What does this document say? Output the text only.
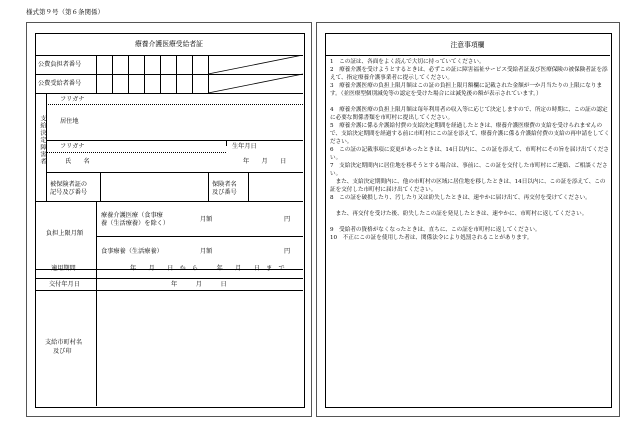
様式第９号（第６条関係）
療養介護医療受給者証
公費負担者番号
公費受給者番号
支給決定障害者
フリガナ
居住地
フリガナ	生年月日
氏　　名	年　　月　　日
被保険者証の
記号及び番号
保険者名
及び番号
負担上限月額
療養介護医療（食事療
養（生活療養）を除く）
月額	円
食事療養（生活療養）	月額	円
適用期間	年　　月　　日　か　ら　　　年　　月　　日　ま　で
交付年月日	年　　　月　　　日
支給市町村名
及び印
注意事項欄
1　この証は、各面をよく読んで大切に持っていてください。
2　療養介護を受けようとするときは、必ずこの証に障害福祉サービス受給者証及び医療保険の被保険者証を添えて、指定療養介護事業者に提示してください。
3　療養介護医療の負担上限月額はこの証の負担上限月額欄に記載された金額が一か月当たりの上限になります。（並医療型個別減免等の認定を受けた場合には減免後の額が表示されています。）
4　療養介護医療の負担上限月額は毎年利用者の収入等に応じて決定しますので、所定の時期に、この証の認定に必要な関係書類を市町村に提出してください。
5　療養介護に係る介護給付費の支給決定期間を経過したときは、療養介護医療費の支給を受けられませんので、支給決定期間を経過する前に市町村にこの証を添えて、療養介護に係る介護給付費の支給の再申請をしてください。
6　この証の記載事項に変更があったときは、14日以内に、この証を添えて、市町村にその旨を届け出てください。
7　支給決定期間内に居住地を移そうとする場合は、事前に、この証を交付した市町村にご連絡、ご相談ください。
　また、支給決定期間内に、他の市町村の区域に居住地を移したときは、14日以内に、この証を添えて、この証を交付した市町村に届け出てください。
8　この証を破損したり、汚したり又は紛失したときは、速やかに届け出て、再交付を受けてください。
　また、再交付を受けた後、紛失したこの証を発見したときは、速やかに、市町村に返してください。
9　受給者の資格がなくなったときは、直ちに、この証を市町村に返してください。
10　不正にこの証を使用した者は、関係法令により処罰されることがあります。
